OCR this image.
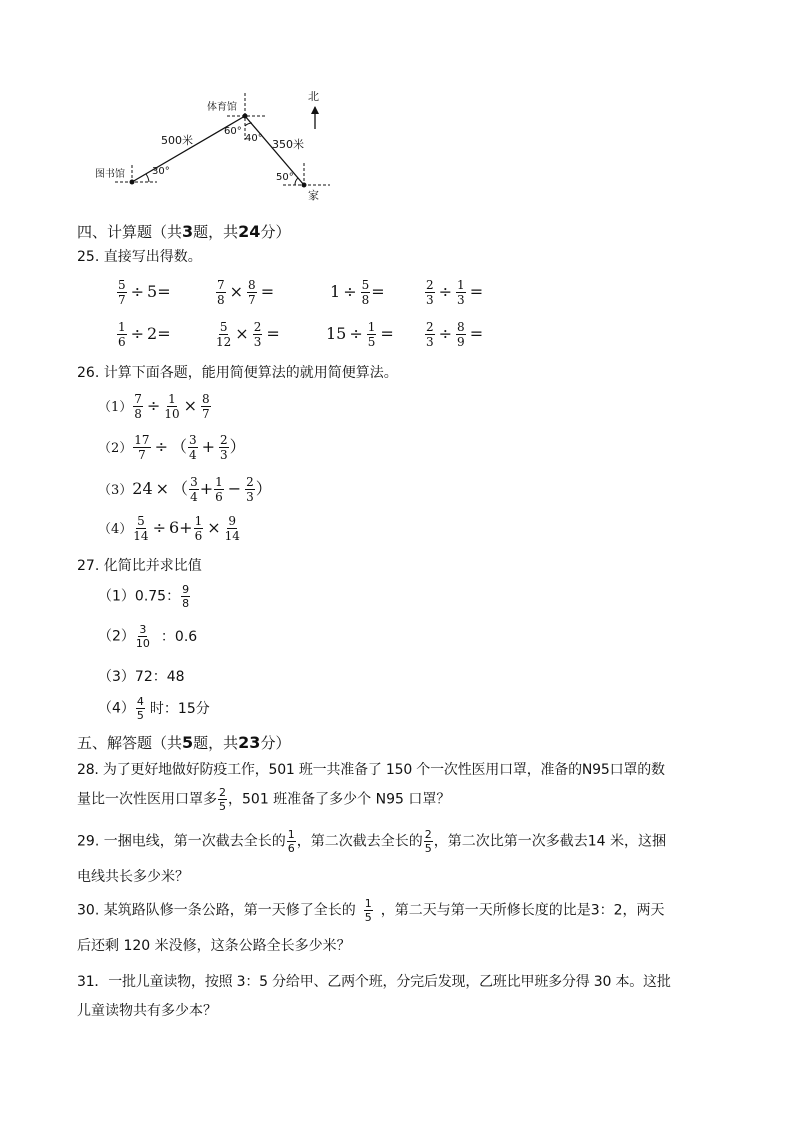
体育馆
图书馆
家
北
500米	350米
30°
60°
40°
50°
四、计算题（共3题，共24分）
25. 直接写出得数。
$\frac{5}{7} \div 5=$	$\frac{7}{8} \times \frac{8}{7}$ =	$1 \div \frac{5}{8}$ =	$\frac{2}{3} \div \frac{1}{3}$ =
$\frac{1}{6} \div 2=$	$\frac{5}{12} \times \frac{2}{3}$ =	$15 \div \frac{1}{5}$ =	$\frac{2}{3} \div \frac{8}{9}$ =
26. 计算下面各题，能用简便算法的就用简便算法。
$(1) \frac{7}{8} \div \frac{1}{10} \times \frac{8}{7}$
$(2) \frac{17}{7}$ ÷ （ $\frac{3}{4} + \frac{2}{3}$ ）
（3）24 × （ $\frac{3}{4} + \frac{1}{6} - \frac{2}{3}$ ）
$(4) \frac{5}{14} \div 6+ \frac{1}{6} \times \frac{9}{14}$
27. 化简比并求比值
（1）0.75： $\frac{9}{8}$
$(2) \frac{3}{10}$ ：0.6
（3）72：48
$(4) \frac{4}{5}$ 时：15分
五、解答题（共5题，共23分）
28. 为了更好地做好防疫工作，501 班一共准备了 150 个一次性医用口罩，准备的N95口罩的数
量比一次性医用口罩多 $\frac{2}{5}$ ，501 班准备了多少个 N95 口罩？
29. 一捆电线，第一次截去全长的 $\frac{1}{6}$ ，第二次截去全长的 $\frac{2}{5}$ ，第二次比第一次多截去14 米，这捆
电线共长多少米？
30. 某筑路队修一条公路，第一天修了全长的 $\frac{1}{5}$ ，第二天与第一天所修长度的比是3：2，两天
后还剩 120 米没修，这条公路全长多少米？
31．一批儿童读物，按照 3：5 分给甲、乙两个班，分完后发现，乙班比甲班多分得 30 本。这批
儿童读物共有多少本？
